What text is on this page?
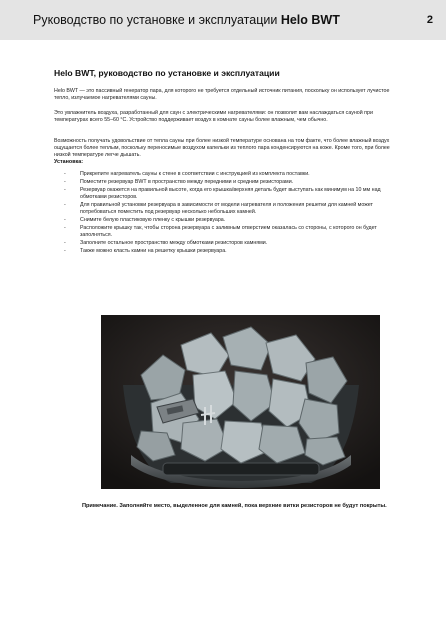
Руководство по установке и эксплуатации Helo BWT	2
Helo BWT, руководство по установке и эксплуатации
Helo BWT — это пассивный генератор пара, для которого не требуется отдельный источник питания, поскольку он использует лучистое тепло, излучаемое нагревателями сауны.
Это увлажнитель воздуха, разработанный для саун с электрическими нагревателями: он позволит вам наслаждаться сауной при температурах всего 55–60 °C. Устройство поддерживает воздух в комнате сауны более влажным, чем обычно.
Возможность получать удовольствие от тепла сауны при более низкой температуре основана на том факте, что более влажный воздух ощущается более теплым, поскольку переносимые воздухом капельки из теплого пара конденсируются на коже. Кроме того, при более низкой температуре легче дышать.
Установка:
-	Прикрепите нагреватель сауны к стене в соответствии с инструкцией из комплекта поставки.
-	Поместите резервуар BWT в пространство между передними и средним резисторами.
-	Резервуар окажется на правильной высоте, когда его крышка/верхняя деталь будет выступать как минимум на 10 мм над обмотками резисторов.
-	Для правильной установки резервуара в зависимости от модели нагревателя и положения решетки для камней может потребоваться поместить под резервуар несколько небольших камней.
-	Снимите белую пластиковую пленку с крышки резервуара.
-	Расположите крышку так, чтобы сторона резервуара с заливным отверстием оказалась со стороны, с которого он будет заполняться.
-	Заполните остальное пространство между обмотками резисторов камнями.
-	Также можно класть камни на решетку крышки резервуара.
Примечание. Заполняйте место, выделенное для камней, пока верхние витки резисторов не будут покрыты.
